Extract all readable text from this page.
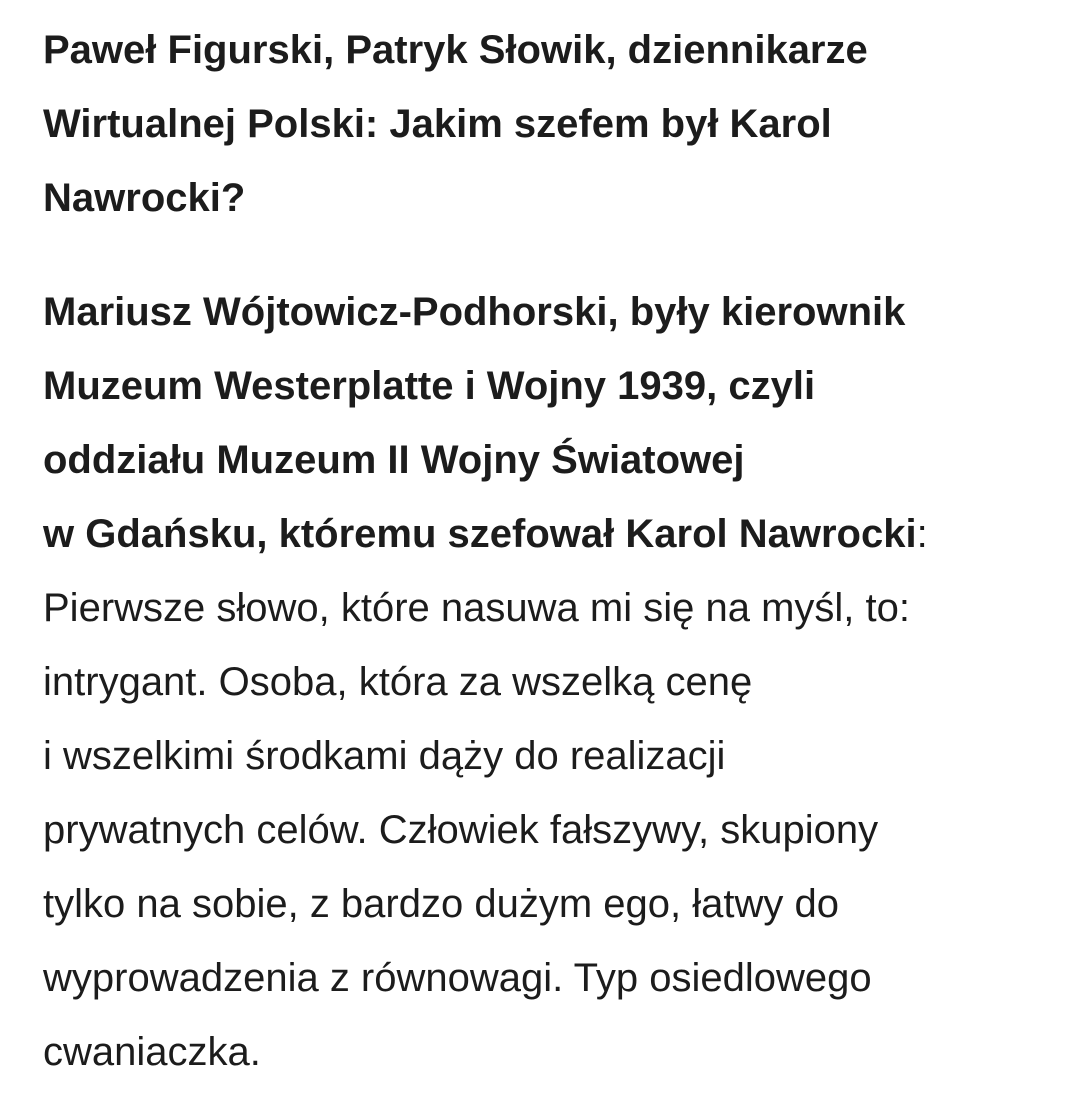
Paweł Figurski, Patryk Słowik, dziennikarze
Wirtualnej Polski: Jakim szefem był Karol
Nawrocki?

Mariusz Wójtowicz-Podhorski, były kierownik
Muzeum Westerplatte i Wojny 1939, czyli
oddziału Muzeum II Wojny Światowej
w Gdańsku, któremu szefował Karol Nawrocki:
Pierwsze słowo, które nasuwa mi się na myśl, to:
intrygant. Osoba, która za wszelką cenę
i wszelkimi środkami dąży do realizacji
prywatnych celów. Człowiek fałszywy, skupiony
tylko na sobie, z bardzo dużym ego, łatwy do
wyprowadzenia z równowagi. Typ osiedlowego
cwaniaczka.
